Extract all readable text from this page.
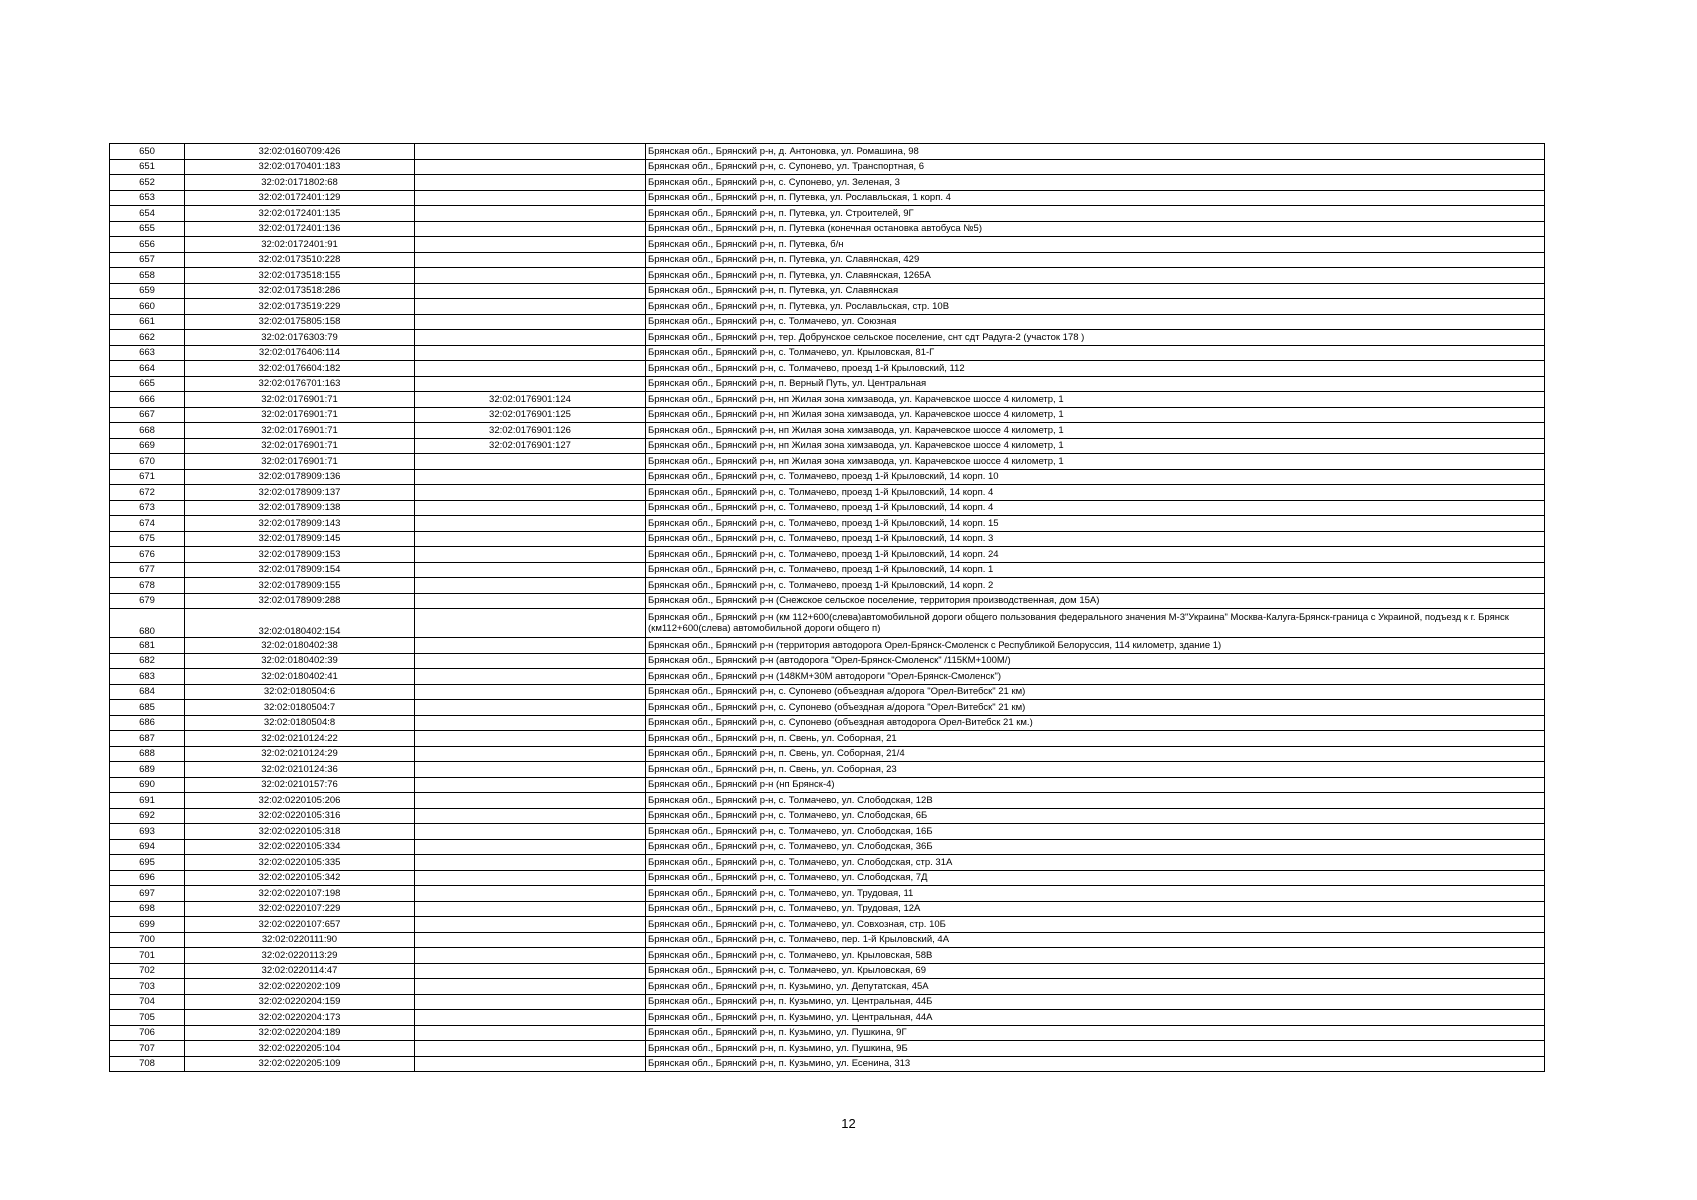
650	32:02:0160709:426		Брянская обл., Брянский р-н, д. Антоновка, ул. Ромашина, 98
651	32:02:0170401:183		Брянская обл., Брянский р-н, с. Супонево, ул. Транспортная, 6
652	32:02:0171802:68		Брянская обл., Брянский р-н, с. Супонево, ул. Зеленая, 3
653	32:02:0172401:129		Брянская обл., Брянский р-н, п. Путевка, ул. Рославльская, 1 корп. 4
654	32:02:0172401:135		Брянская обл., Брянский р-н, п. Путевка, ул. Строителей, 9Г
655	32:02:0172401:136		Брянская обл., Брянский р-н, п. Путевка (конечная остановка автобуса №5)
656	32:02:0172401:91		Брянская обл., Брянский р-н, п. Путевка, б/н
657	32:02:0173510:228		Брянская обл., Брянский р-н, п. Путевка, ул. Славянская, 429
658	32:02:0173518:155		Брянская обл., Брянский р-н, п. Путевка, ул. Славянская, 1265А
659	32:02:0173518:286		Брянская обл., Брянский р-н, п. Путевка, ул. Славянская
660	32:02:0173519:229		Брянская обл., Брянский р-н, п. Путевка, ул. Рославльская, стр. 10В
661	32:02:0175805:158		Брянская обл., Брянский р-н, с. Толмачево, ул. Союзная
662	32:02:0176303:79		Брянская обл., Брянский р-н, тер. Добрунское сельское поселение, снт сдт Радуга-2 (участок 178 )
663	32:02:0176406:114		Брянская обл., Брянский р-н, с. Толмачево, ул. Крыловская, 81-Г
664	32:02:0176604:182		Брянская обл., Брянский р-н, с. Толмачево, проезд 1-й Крыловский, 112
665	32:02:0176701:163		Брянская обл., Брянский р-н, п. Верный Путь, ул. Центральная
666	32:02:0176901:71	32:02:0176901:124	Брянская обл., Брянский р-н, нп Жилая зона химзавода, ул. Карачевское шоссе 4 километр, 1
667	32:02:0176901:71	32:02:0176901:125	Брянская обл., Брянский р-н, нп Жилая зона химзавода, ул. Карачевское шоссе 4 километр, 1
668	32:02:0176901:71	32:02:0176901:126	Брянская обл., Брянский р-н, нп Жилая зона химзавода, ул. Карачевское шоссе 4 километр, 1
669	32:02:0176901:71	32:02:0176901:127	Брянская обл., Брянский р-н, нп Жилая зона химзавода, ул. Карачевское шоссе 4 километр, 1
670	32:02:0176901:71		Брянская обл., Брянский р-н, нп Жилая зона химзавода, ул. Карачевское шоссе 4 километр, 1
671	32:02:0178909:136		Брянская обл., Брянский р-н, с. Толмачево, проезд 1-й Крыловский, 14 корп. 10
672	32:02:0178909:137		Брянская обл., Брянский р-н, с. Толмачево, проезд 1-й Крыловский, 14 корп. 4
673	32:02:0178909:138		Брянская обл., Брянский р-н, с. Толмачево, проезд 1-й Крыловский, 14 корп. 4
674	32:02:0178909:143		Брянская обл., Брянский р-н, с. Толмачево, проезд 1-й Крыловский, 14 корп. 15
675	32:02:0178909:145		Брянская обл., Брянский р-н, с. Толмачево, проезд 1-й Крыловский, 14 корп. 3
676	32:02:0178909:153		Брянская обл., Брянский р-н, с. Толмачево, проезд 1-й Крыловский, 14 корп. 24
677	32:02:0178909:154		Брянская обл., Брянский р-н, с. Толмачево, проезд 1-й Крыловский, 14 корп. 1
678	32:02:0178909:155		Брянская обл., Брянский р-н, с. Толмачево, проезд 1-й Крыловский, 14 корп. 2
679	32:02:0178909:288		Брянская обл., Брянский р-н (Снежское сельское поселение, территория производственная, дом 15А)
680	32:02:0180402:154		Брянская обл., Брянский р-н (км 112+600(слева)автомобильной дороги общего пользования федерального значения М-3"Украина" Москва-Калуга-Брянск-граница с Украиной, подъезд к г. Брянск (км112+600(слева) автомобильной дороги общего п)
681	32:02:0180402:38		Брянская обл., Брянский р-н (территория автодорога Орел-Брянск-Смоленск с Республикой Белоруссия, 114 километр, здание 1)
682	32:02:0180402:39		Брянская обл., Брянский р-н (автодорога "Орел-Брянск-Смоленск" /115КМ+100М/)
683	32:02:0180402:41		Брянская обл., Брянский р-н (148КМ+30М автодороги "Орел-Брянск-Смоленск")
684	32:02:0180504:6		Брянская обл., Брянский р-н, с. Супонево (объездная а/дорога "Орел-Витебск" 21 км)
685	32:02:0180504:7		Брянская обл., Брянский р-н, с. Супонево (объездная а/дорога "Орел-Витебск" 21 км)
686	32:02:0180504:8		Брянская обл., Брянский р-н, с. Супонево (объездная автодорога Орел-Витебск 21 км.)
687	32:02:0210124:22		Брянская обл., Брянский р-н, п. Свень, ул. Соборная, 21
688	32:02:0210124:29		Брянская обл., Брянский р-н, п. Свень, ул. Соборная, 21/4
689	32:02:0210124:36		Брянская обл., Брянский р-н, п. Свень, ул. Соборная, 23
690	32:02:0210157:76		Брянская обл., Брянский р-н (нп Брянск-4)
691	32:02:0220105:206		Брянская обл., Брянский р-н, с. Толмачево, ул. Слободская, 12В
692	32:02:0220105:316		Брянская обл., Брянский р-н, с. Толмачево, ул. Слободская, 6Б
693	32:02:0220105:318		Брянская обл., Брянский р-н, с. Толмачево, ул. Слободская, 16Б
694	32:02:0220105:334		Брянская обл., Брянский р-н, с. Толмачево, ул. Слободская, 36Б
695	32:02:0220105:335		Брянская обл., Брянский р-н, с. Толмачево, ул. Слободская, стр. 31А
696	32:02:0220105:342		Брянская обл., Брянский р-н, с. Толмачево, ул. Слободская, 7Д
697	32:02:0220107:198		Брянская обл., Брянский р-н, с. Толмачево, ул. Трудовая, 11
698	32:02:0220107:229		Брянская обл., Брянский р-н, с. Толмачево, ул. Трудовая, 12А
699	32:02:0220107:657		Брянская обл., Брянский р-н, с. Толмачево, ул. Совхозная, стр. 10Б
700	32:02:0220111:90		Брянская обл., Брянский р-н, с. Толмачево, пер. 1-й Крыловский, 4А
701	32:02:0220113:29		Брянская обл., Брянский р-н, с. Толмачево, ул. Крыловская, 58В
702	32:02:0220114:47		Брянская обл., Брянский р-н, с. Толмачево, ул. Крыловская, 69
703	32:02:0220202:109		Брянская обл., Брянский р-н, п. Кузьмино, ул. Депутатская, 45А
704	32:02:0220204:159		Брянская обл., Брянский р-н, п. Кузьмино, ул. Центральная, 44Б
705	32:02:0220204:173		Брянская обл., Брянский р-н, п. Кузьмино, ул. Центральная, 44А
706	32:02:0220204:189		Брянская обл., Брянский р-н, п. Кузьмино, ул. Пушкина, 9Г
707	32:02:0220205:104		Брянская обл., Брянский р-н, п. Кузьмино, ул. Пушкина, 9Б
708	32:02:0220205:109		Брянская обл., Брянский р-н, п. Кузьмино, ул. Есенина, 313
12
